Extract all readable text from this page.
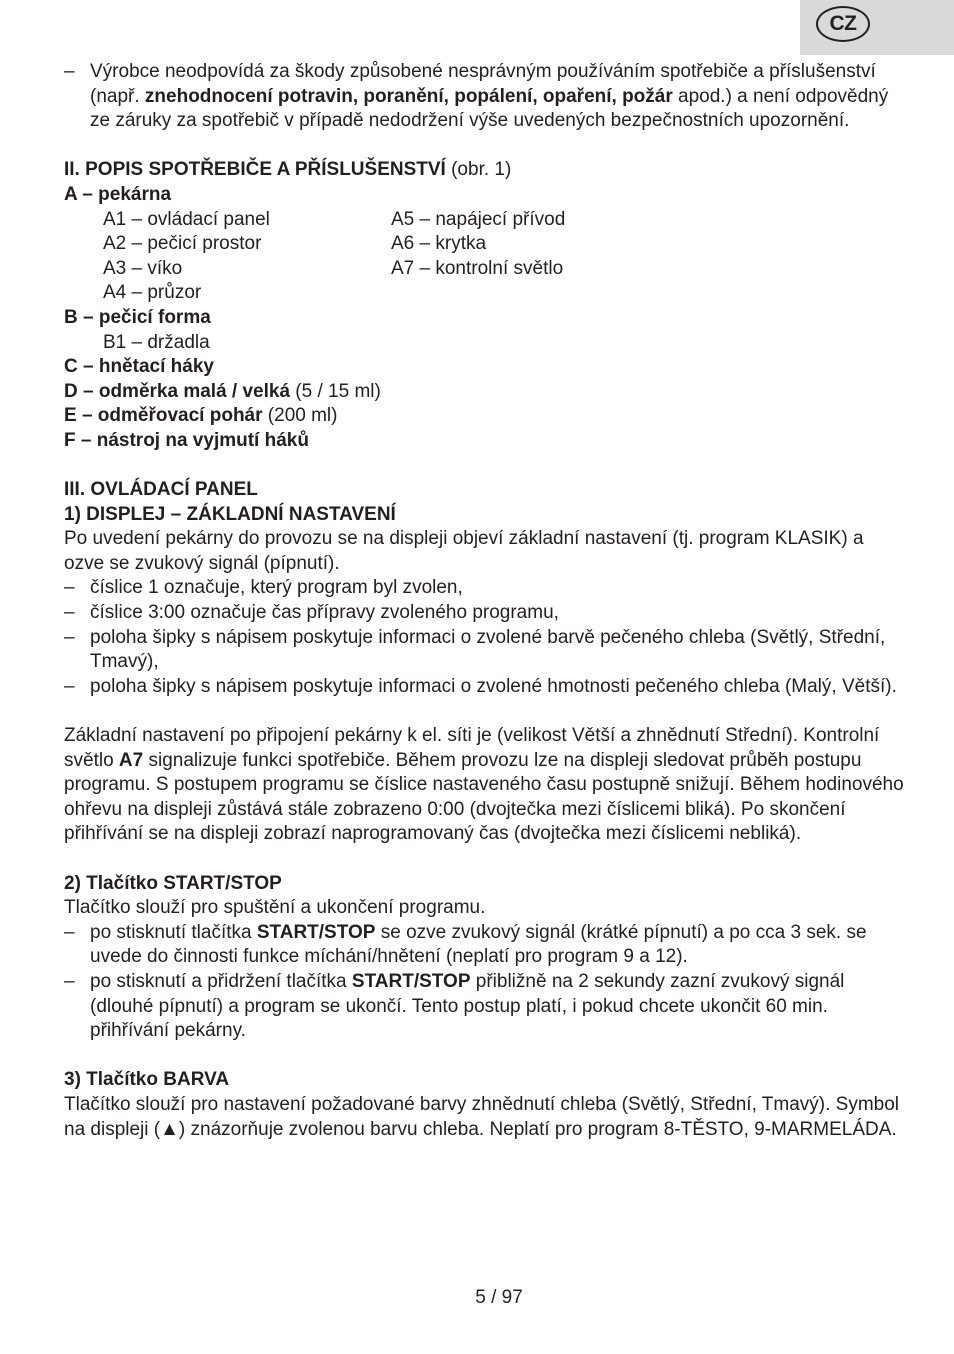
CZ
– Výrobce neodpovídá za škody způsobené nesprávným používáním spotřebiče a příslušenství (např. znehodnocení potravin, poranění, popálení, opaření, požár apod.) a není odpovědný ze záruky za spotřebič v případě nedodržení výše uvedených bezpečnostních upozornění.
II. POPIS SPOTŘEBIČE A PŘÍSLUŠENSTVÍ (obr. 1)
A – pekárna
A1 – ovládací panel
A2 – pečicí prostor
A3 – víko
A4 – průzor
A5 – napájecí přívod
A6 – krytka
A7 – kontrolní světlo
B – pečicí forma
B1 – držadla
C – hnětací háky
D – odměrka malá / velká (5 / 15 ml)
E – odměřovací pohár (200 ml)
F – nástroj na vyjmutí háků
III. OVLÁDACÍ PANEL
1) DISPLEJ – ZÁKLADNÍ NASTAVENÍ
Po uvedení pekárny do provozu se na displeji objeví základní nastavení (tj. program KLASIK) a ozve se zvukový signál (pípnutí).
– číslice 1 označuje, který program byl zvolen,
– číslice 3:00 označuje čas přípravy zvoleného programu,
– poloha šipky s nápisem poskytuje informaci o zvolené barvě pečeného chleba (Světlý, Střední, Tmavý),
– poloha šipky s nápisem poskytuje informaci o zvolené hmotnosti pečeného chleba (Malý, Větší).
Základní nastavení po připojení pekárny k el. síti je (velikost Větší a zhnědnutí Střední). Kontrolní světlo A7 signalizuje funkci spotřebiče. Během provozu lze na displeji sledovat průběh postupu programu. S postupem programu se číslice nastaveného času postupně snižují. Během hodinového ohřevu na displeji zůstává stále zobrazeno 0:00 (dvojtečka mezi číslicemi bliká). Po skončení přihřívání se na displeji zobrazí naprogramovaný čas (dvojtečka mezi číslicemi nebliká).
2) Tlačítko START/STOP
Tlačítko slouží pro spuštění a ukončení programu.
– po stisknutí tlačítka START/STOP se ozve zvukový signál (krátké pípnutí) a po cca 3 sek. se uvede do činnosti funkce míchání/hnětení (neplatí pro program 9 a 12).
– po stisknutí a přidržení tlačítka START/STOP přibližně na 2 sekundy zazní zvukový signál (dlouhé pípnutí) a program se ukončí. Tento postup platí, i pokud chcete ukončit 60 min. přihřívání pekárny.
3) Tlačítko BARVA
Tlačítko slouží pro nastavení požadované barvy zhnědnutí chleba (Světlý, Střední, Tmavý). Symbol na displeji (▲) znázorňuje zvolenou barvu chleba. Neplatí pro program 8-TĚSTO, 9-MARMELÁDA.
5 / 97
